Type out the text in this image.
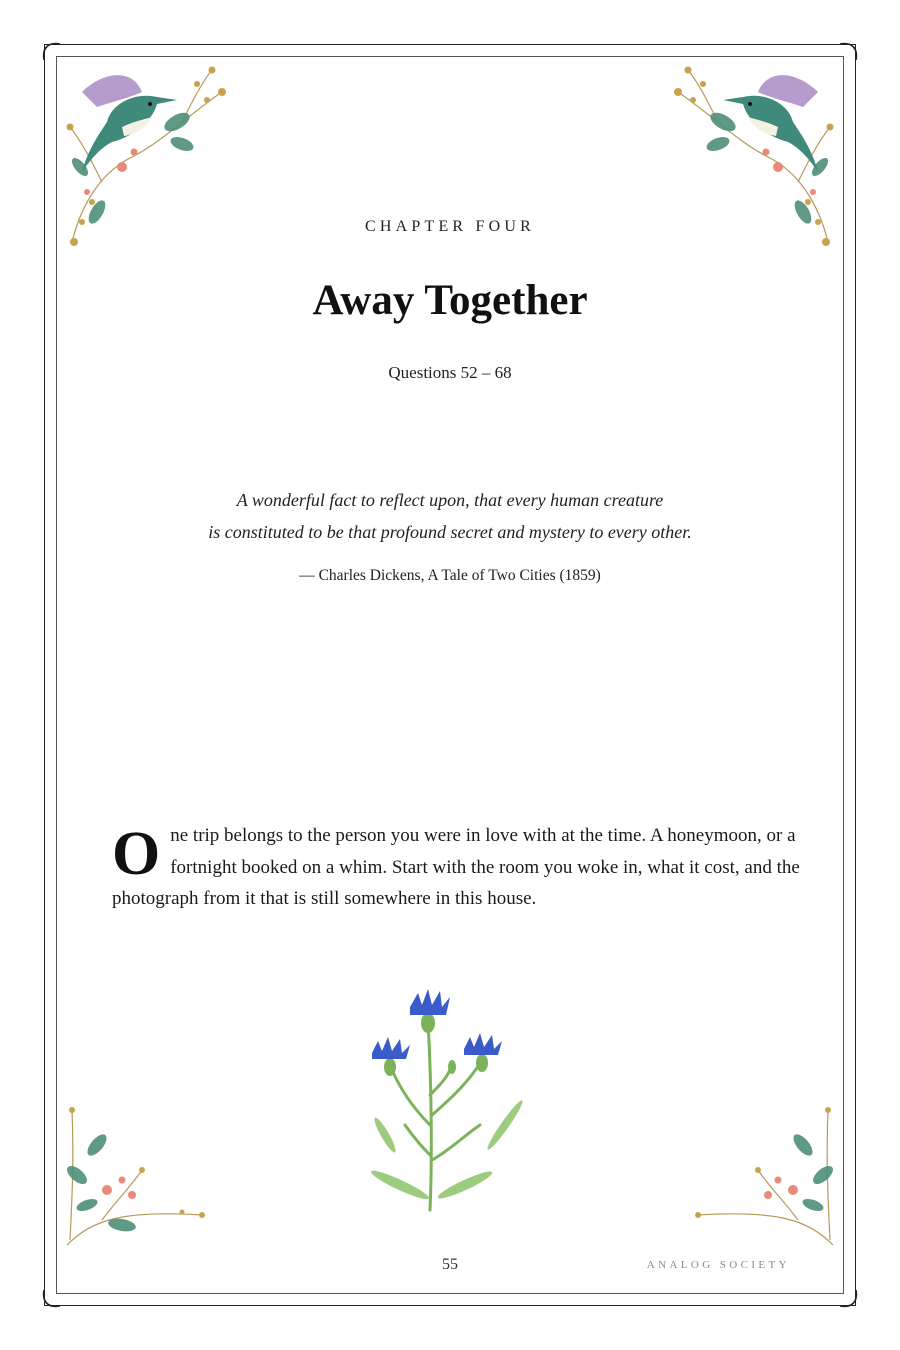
CHAPTER FOUR
Away Together
Questions 52 – 68
A wonderful fact to reflect upon, that every human creature
is constituted to be that profound secret and mystery to every other.
— Charles Dickens, A Tale of Two Cities (1859)

One trip belongs to the person you were in love with at the time. A honeymoon, or a fortnight booked on a whim. Start with the room you woke in, what it cost, and the photograph from it that is still somewhere in this house.

55	ANALOG SOCIETY
